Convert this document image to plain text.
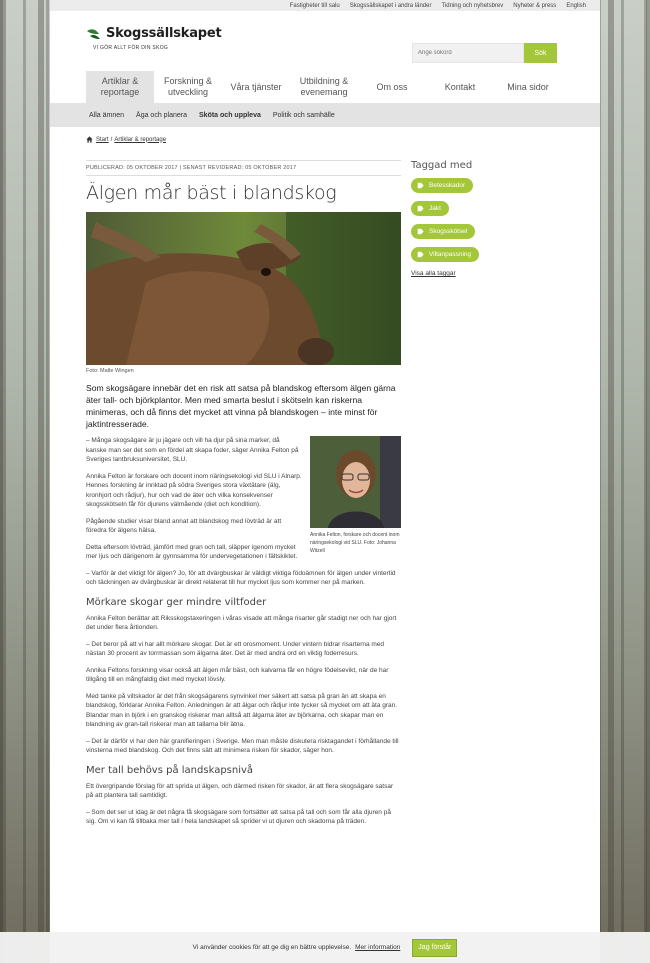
Fastigheter till salu Skogssällskapet i andra länder Tidning och nyhetsbrev Nyheter & press English
Skogssällskapet
VI GÖR ALLT FÖR DIN SKOG
Ange sökord
Sök
Artiklar & reportage
Forskning & utveckling
Våra tjänster
Utbildning & evenemang
Om oss	Kontakt	Mina sidor
Alla ämnen Äga och planera Sköta och uppleva Politik och samhälle
Start / Artiklar & reportage
PUBLICERAD: 05 OKTOBER 2017 | SENAST REVIDERAD: 05 OKTOBER 2017
Älgen mår bäst i blandskog
Foto: Malte Wingen

Som skogsägare innebär det en risk att satsa på blandskog eftersom älgen gärna äter tall- och björkplantor. Men med smarta beslut i skötseln kan riskerna minimeras, och då finns det mycket att vinna på blandskogen – inte minst för jaktintresserade.

Annika Felton, forskare och docent inom näringsekologi vid SLU. Foto: Johanna Witzell

– Många skogsägare är ju jägare och vill ha djur på sina marker, då kanske man ser det som en fördel att skapa foder, säger Annika Felton på Sveriges lantbruksuniversitet, SLU.

Annika Felton är forskare och docent inom näringsekologi vid SLU i Alnarp. Hennes forskning är inriktad på södra Sveriges stora växtätare (älg, kronhjort och rådjur), hur och vad de äter och vilka konsekvenser skogsskötseln får för djurens välmående (diet och kondition).

Pågående studier visar bland annat att blandskog med lövträd är att föredra för älgens hälsa.

Detta eftersom lövträd, jämfört med gran och tall, släpper igenom mycket mer ljus och därigenom är gynnsamma för undervegetationen i fältskiktet.

– Varför är det viktigt för älgen? Jo, för att dvärgbuskar är väldigt viktiga födoämnen för älgen under vintertid och täckningen av dvärgbuskar är direkt relaterat till hur mycket ljus som kommer ner på marken.

Mörkare skogar ger mindre viltfoder

Annika Felton berättar att Riksskogstaxeringen i våras visade att många risarter går stadigt ner och har gjort det under flera årtionden.

– Det beror på att vi har allt mörkare skogar. Det är ett orosmoment. Under vintern bidrar risarterna med nästan 30 procent av torrmassan som älgarna äter. Det är med andra ord en viktig foderresurs.

Annika Feltons forskning visar också att älgen mår bäst, och kalvarna får en högre födelsevikt, när de har tillgång till en mångfaldig diet med mycket lövsly.

Med tanke på viltskador är det från skogsägarens synvinkel mer säkert att satsa på gran än att skapa en blandskog, förklarar Annika Felton. Anledningen är att älgar och rådjur inte tycker så mycket om att äta gran. Blandar man in björk i en granskog riskerar man alltså att älgarna äter av björkarna, och skapar man en blandning av gran-tall riskerar man att tallarna blir ätna.

– Det är därför vi har den här granifieringen i Sverige. Men man måste diskutera risktagandet i förhållande till vinsterna med blandskog. Och det finns sätt att minimera risken för skador, säger hon.

Mer tall behövs på landskapsnivå

Ett övergripande förslag för att sprida ut älgen, och därmed risken för skador, är att flera skogsägare satsar på att plantera tall samtidigt.

– Som det ser ut idag är det några få skogsägare som fortsätter att satsa på tall och som får alla djuren på sig. Om vi kan få tillbaka mer tall i hela landskapet så sprider vi ut djuren och skadorna på träden.

Taggad med
Betesskador
Jakt
Skogsskötsel
Viltanpassning
Visa alla taggar
Vi använder cookies för att ge dig en bättre upplevelse. Mer information	Jag förstår
